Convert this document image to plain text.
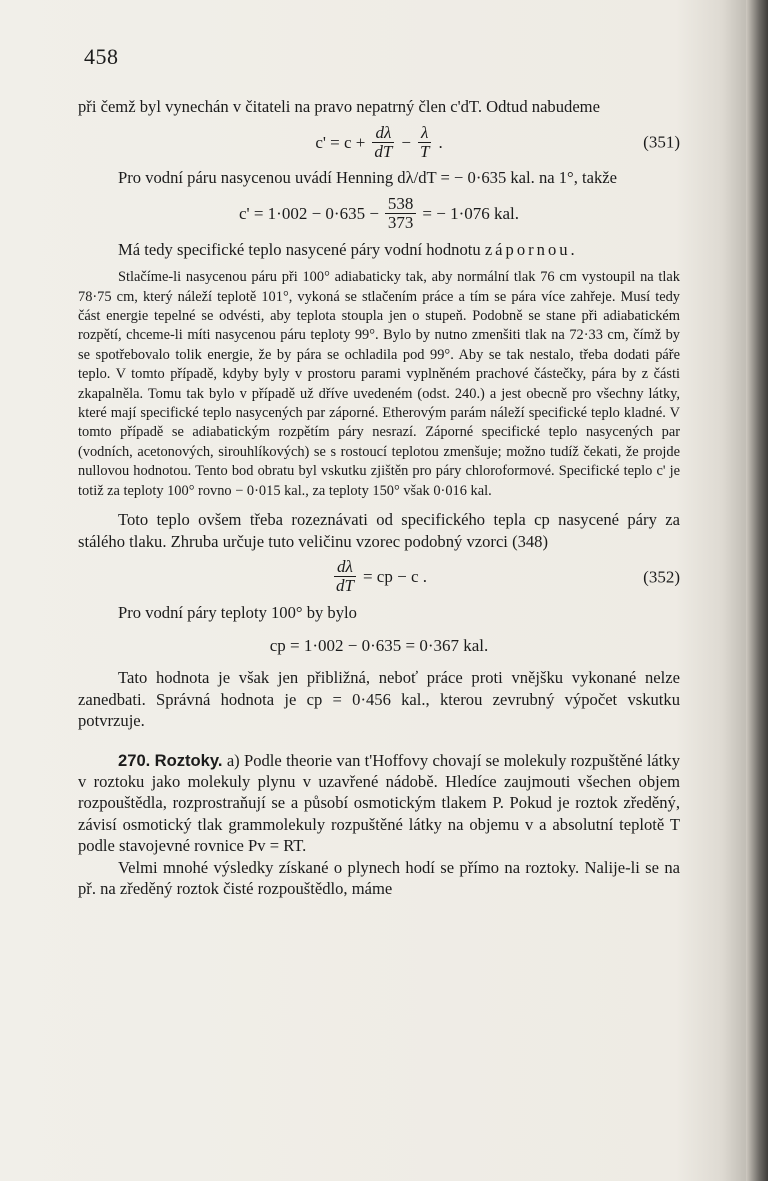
458

při čemž byl vynechán v čitateli na pravo nepatrný člen c'dT. Odtud nabudeme

$c' = c + \frac{d\lambda}{dT} - \frac{\lambda}{T}$ .	(351)

Pro vodní páru nasycenou uvádí Henning dλ/dT = − 0·635 kal. na 1°, takže

$c' = 1\cdot 002 - 0\cdot 635 - \frac{538}{373}$ = − 1·076 kal.

Má tedy specifické teplo nasycené páry vodní hodnotu zápornou.

Stlačíme-li nasycenou páru při 100° adiabaticky tak, aby normální tlak 76 cm vystoupil na tlak 78·75 cm, který náleží teplotě 101°, vykoná se stlačením práce a tím se pára více zahřeje. Musí tedy část energie tepelné se odvésti, aby teplota stoupla jen o stupeň. Podobně se stane při adiabatickém rozpětí, chceme-li míti nasycenou páru teploty 99°. Bylo by nutno zmenšiti tlak na 72·33 cm, čímž by se spotřebovalo tolik energie, že by pára se ochladila pod 99°. Aby se tak nestalo, třeba dodati páře teplo. V tomto případě, kdyby byly v prostoru parami vyplněném prachové částečky, pára by z části zkapalněla. Tomu tak bylo v případě už dříve uvedeném (odst. 240.) a jest obecně pro všechny látky, které mají specifické teplo nasycených par záporné. Etherovým parám náleží specifické teplo kladné. V tomto případě se adiabatickým rozpětím páry nesrazí. Záporné specifické teplo nasycených par (vodních, acetonových, sirouhlíkových) se s rostoucí teplotou zmenšuje; možno tudíž čekati, že projde nullovou hodnotou. Tento bod obratu byl vskutku zjištěn pro páry chloroformové. Specifické teplo c' je totiž za teploty 100° rovno − 0·015 kal., za teploty 150° však 0·016 kal.

Toto teplo ovšem třeba rozeznávati od specifického tepla cp nasycené páry za stálého tlaku. Zhruba určuje tuto veličinu vzorec podobný vzorci (348)

$\frac{d\lambda}{dT}$ = cp − c .	(352)

Pro vodní páry teploty 100° by bylo

cp = 1·002 − 0·635 = 0·367 kal.

Tato hodnota je však jen přibližná, neboť práce proti vnějšku vykonané nelze zanedbati. Správná hodnota je cp = 0·456 kal., kterou zevrubný výpočet vskutku potvrzuje.

270. Roztoky. a) Podle theorie van t'Hoffovy chovají se molekuly rozpuštěné látky v roztoku jako molekuly plynu v uzavřené nádobě. Hledíce zaujmouti všechen objem rozpouštědla, rozprostraňují se a působí osmotickým tlakem P. Pokud je roztok zředěný, závisí osmotický tlak grammolekuly rozpuštěné látky na objemu v a absolutní teplotě T podle stavojevné rovnice Pv = RT.

Velmi mnohé výsledky získané o plynech hodí se přímo na roztoky. Nalije-li se na př. na zředěný roztok čisté rozpouštědlo, máme
